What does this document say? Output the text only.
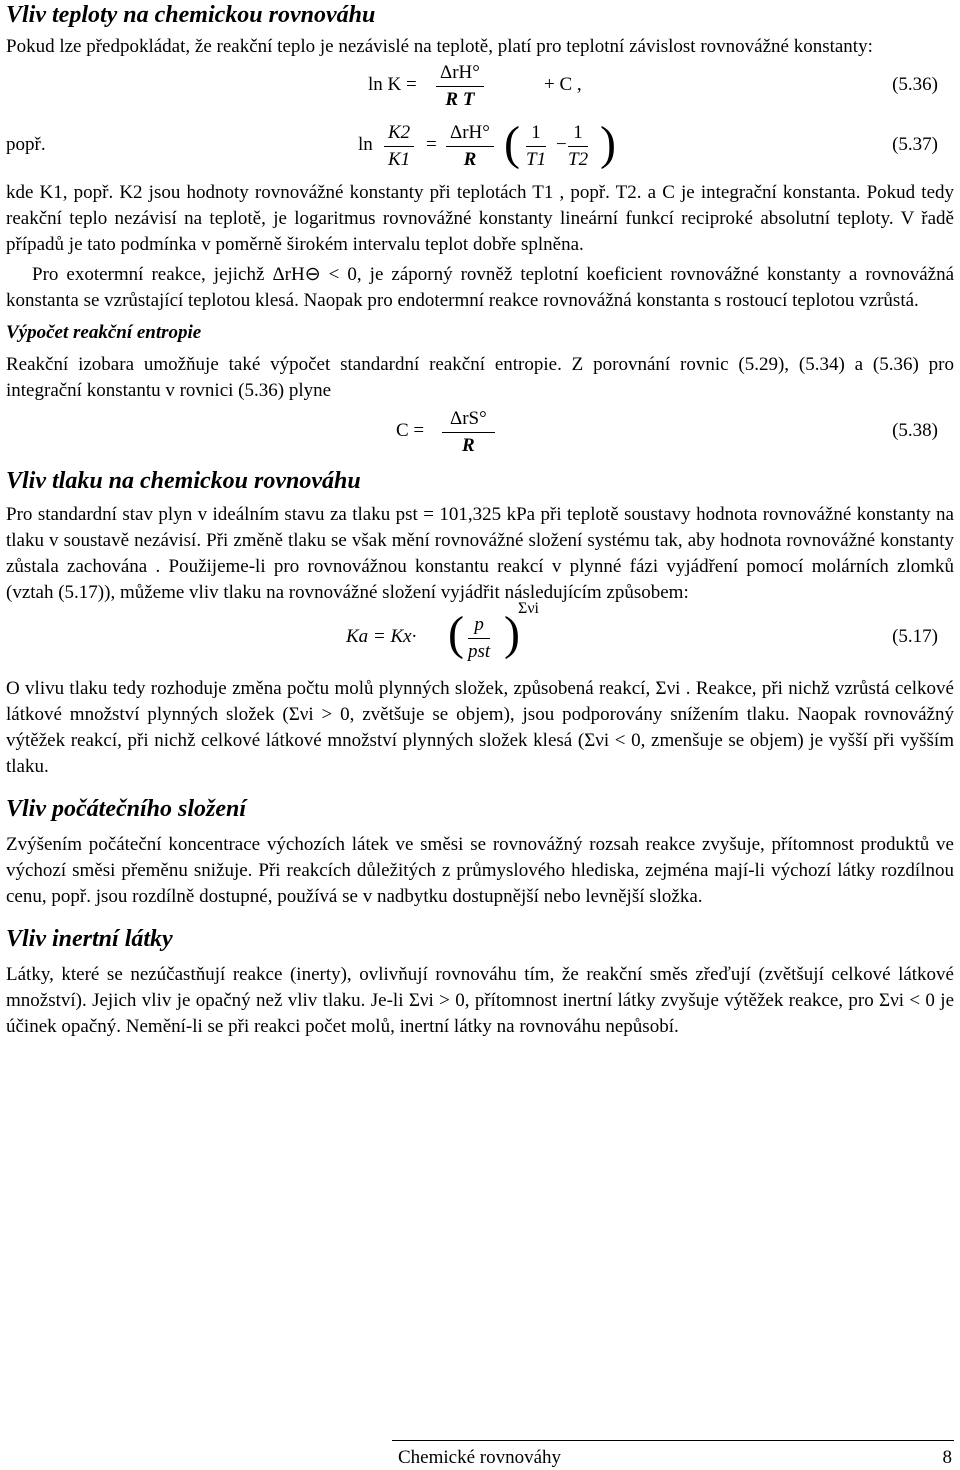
Vliv teploty na chemickou rovnováhu

Pokud lze předpokládat, že reakční teplo je nezávislé na teplotě, platí pro teplotní závislost rovnovážné konstanty:

ln K =
ΔrH°
R T
+ C ,	(5.36)
popř.	$\ln \frac{K2}{K1}$ =
ΔrH°
R ( $\frac{1}{T1} - \frac{1}{T2}$ )	(5.37)

kde K1, popř. K2 jsou hodnoty rovnovážné konstanty při teplotách T1 , popř. T2. a C je integrační konstanta. Pokud tedy reakční teplo nezávisí na teplotě, je logaritmus rovnovážné konstanty lineární funkcí reciproké absolutní teploty. V řadě případů je tato podmínka v poměrně širokém intervalu teplot dobře splněna.

Pro exotermní reakce, jejichž ΔrH⊖ < 0, je záporný rovněž teplotní koeficient rovnovážné konstanty a rovnovážná konstanta se vzrůstající teplotou klesá. Naopak pro endotermní reakce rovnovážná konstanta s rostoucí teplotou vzrůstá.

Výpočet reakční entropie

Reakční izobara umožňuje také výpočet standardní reakční entropie. Z porovnání rovnic (5.29), (5.34) a (5.36) pro integrační konstantu v rovnici (5.36) plyne

C =
ΔrS°
R
(5.38)
Vliv tlaku na chemickou rovnováhu

Pro standardní stav plyn v ideálním stavu za tlaku pst = 101,325 kPa při teplotě soustavy hodnota rovnovážné konstanty na tlaku v soustavě nezávisí. Při změně tlaku se však mění rovnovážné složení systému tak, aby hodnota rovnovážné konstanty zůstala zachována . Použijeme-li pro rovnovážnou konstantu reakcí v plynné fázi vyjádření pomocí molárních zlomků (vztah (5.17)), můžeme vliv tlaku na rovnovážné složení vyjádřit následujícím způsobem:

Ka = Kx· ( p
pst )
Σνi
(5.17)

O vlivu tlaku tedy rozhoduje změna počtu molů plynných složek, způsobená reakcí, Σνi . Reakce, při nichž vzrůstá celkové látkové množství plynných složek (Σνi > 0, zvětšuje se objem), jsou podporovány snížením tlaku. Naopak rovnovážný výtěžek reakcí, při nichž celkové látkové množství plynných složek klesá (Σνi < 0, zmenšuje se objem) je vyšší při vyšším tlaku.

Vliv počátečního složení

Zvýšením počáteční koncentrace výchozích látek ve směsi se rovnovážný rozsah reakce zvyšuje, přítomnost produktů ve výchozí směsi přeměnu snižuje. Při reakcích důležitých z průmyslového hlediska, zejména mají-li výchozí látky rozdílnou cenu, popř. jsou rozdílně dostupné, používá se v nadbytku dostupnější nebo levnější složka.

Vliv inertní látky

Látky, které se nezúčastňují reakce (inerty), ovlivňují rovnováhu tím, že reakční směs zřeďují (zvětšují celkové látkové množství). Jejich vliv je opačný než vliv tlaku. Je-li Σνi > 0, přítomnost inertní látky zvyšuje výtěžek reakce, pro Σνi < 0 je účinek opačný. Nemění-li se při reakci počet molů, inertní látky na rovnováhu nepůsobí.

Chemické rovnováhy	8
